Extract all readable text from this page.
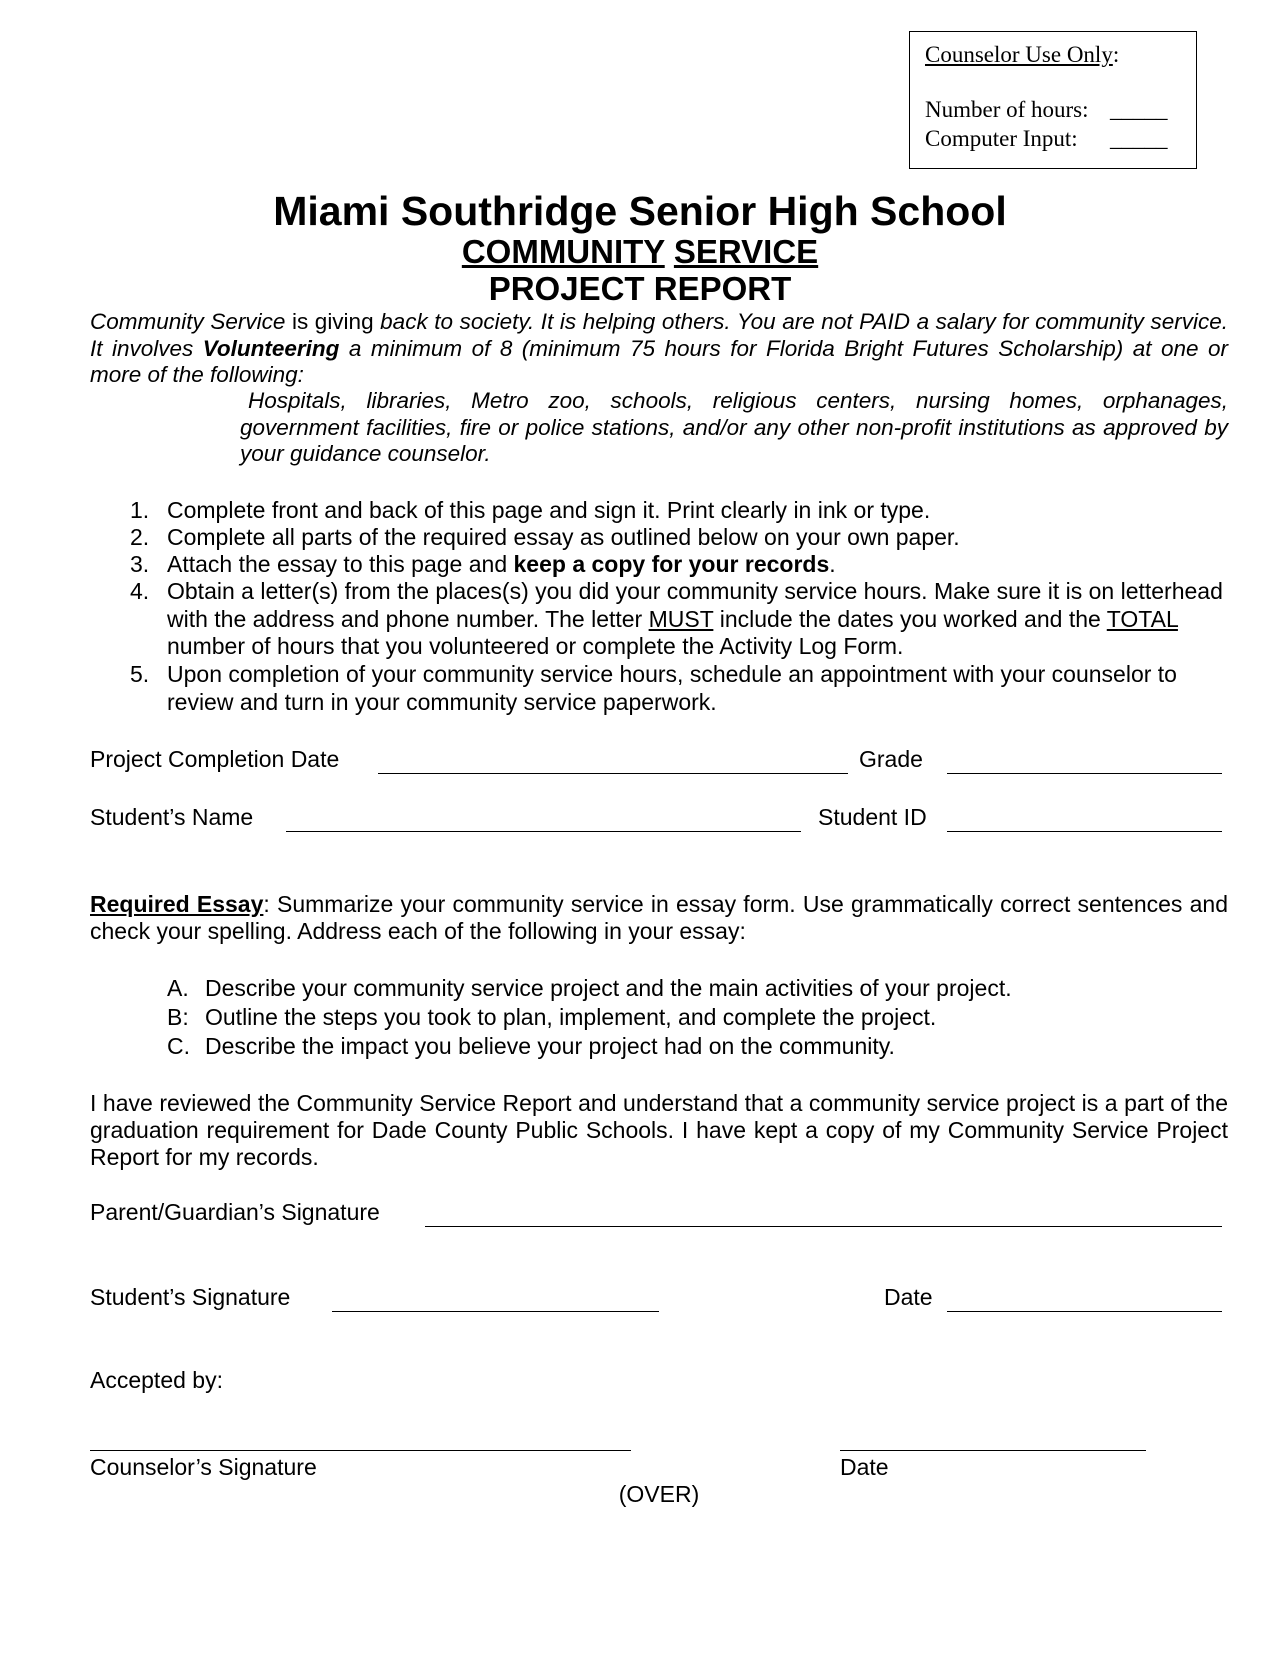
Counselor Use Only:
Number of hours: _____
Computer Input:	_____
Miami Southridge Senior High School
COMMUNITY SERVICE
PROJECT REPORT
Community Service is giving back to society. It is helping others. You are not PAID a salary for community service. It involves Volunteering a minimum of 8 (minimum 75 hours for Florida Bright Futures Scholarship) at one or more of the following:
Hospitals, libraries, Metro zoo, schools, religious centers, nursing homes, orphanages, government facilities, fire or police stations, and/or any other non-profit institutions as approved by your guidance counselor.
1. Complete front and back of this page and sign it. Print clearly in ink or type.
2. Complete all parts of the required essay as outlined below on your own paper.
3. Attach the essay to this page and keep a copy for your records.
4. Obtain a letter(s) from the places(s) you did your community service hours. Make sure it is on letterhead with the address and phone number. The letter MUST include the dates you worked and the TOTAL number of hours that you volunteered or complete the Activity Log Form.
5. Upon completion of your community service hours, schedule an appointment with your counselor to review and turn in your community service paperwork.
Project Completion Date	Grade
Student’s Name	Student ID
Required Essay: Summarize your community service in essay form. Use grammatically correct sentences and check your spelling. Address each of the following in your essay:
A. Describe your community service project and the main activities of your project.
B: Outline the steps you took to plan, implement, and complete the project.
C. Describe the impact you believe your project had on the community.
I have reviewed the Community Service Report and understand that a community service project is a part of the graduation requirement for Dade County Public Schools. I have kept a copy of my Community Service Project Report for my records.
Parent/Guardian’s Signature
Student’s Signature	Date
Accepted by:
Counselor’s Signature	Date
(OVER)
